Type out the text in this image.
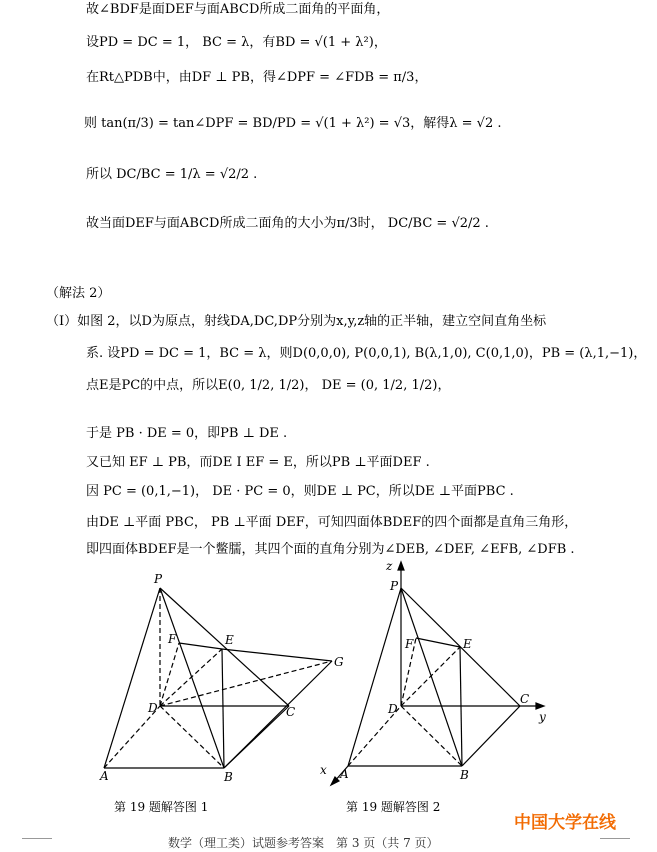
故∠BDF是面DEF与面ABCD所成二面角的平面角，
设PD = DC = 1， BC = λ，有BD = √(1 + λ²)，
在Rt△PDB中，由DF ⊥ PB，得∠DPF = ∠FDB = π/3，
则 tan(π/3) = tan∠DPF = BD/PD = √(1 + λ²) = √3，解得λ = √2 .
所以 DC/BC = 1/λ = √2/2 .
故当面DEF与面ABCD所成二面角的大小为π/3时， DC/BC = √2/2 .
（解法 2）
（Ⅰ）如图 2，以D为原点，射线DA,DC,DP分别为x,y,z轴的正半轴，建立空间直角坐标
系. 设PD = DC = 1，BC = λ，则D(0,0,0), P(0,0,1), B(λ,1,0), C(0,1,0)，PB = (λ,1,−1)，
点E是PC的中点，所以E(0, 1/2, 1/2)， DE = (0, 1/2, 1/2)，
于是 PB · DE = 0，即PB ⊥ DE .
又已知 EF ⊥ PB，而DE I EF = E，所以PB ⊥平面DEF .
因 PC = (0,1,−1)， DE · PC = 0，则DE ⊥ PC，所以DE ⊥平面PBC .
由DE ⊥平面 PBC， PB ⊥平面 DEF，可知四面体BDEF的四个面都是直角三角形，
即四面体BDEF是一个鳖臑，其四个面的直角分别为∠DEB, ∠DEF, ∠EFB, ∠DFB .
P
F	E
G
D	C
A	B
z
P
F	E
D
C
y
x A	B
第 19 题解答图 1	第 19 题解答图 2
数学（理工类）试题参考答案　第 3 页（共 7 页）
中国大学在线
